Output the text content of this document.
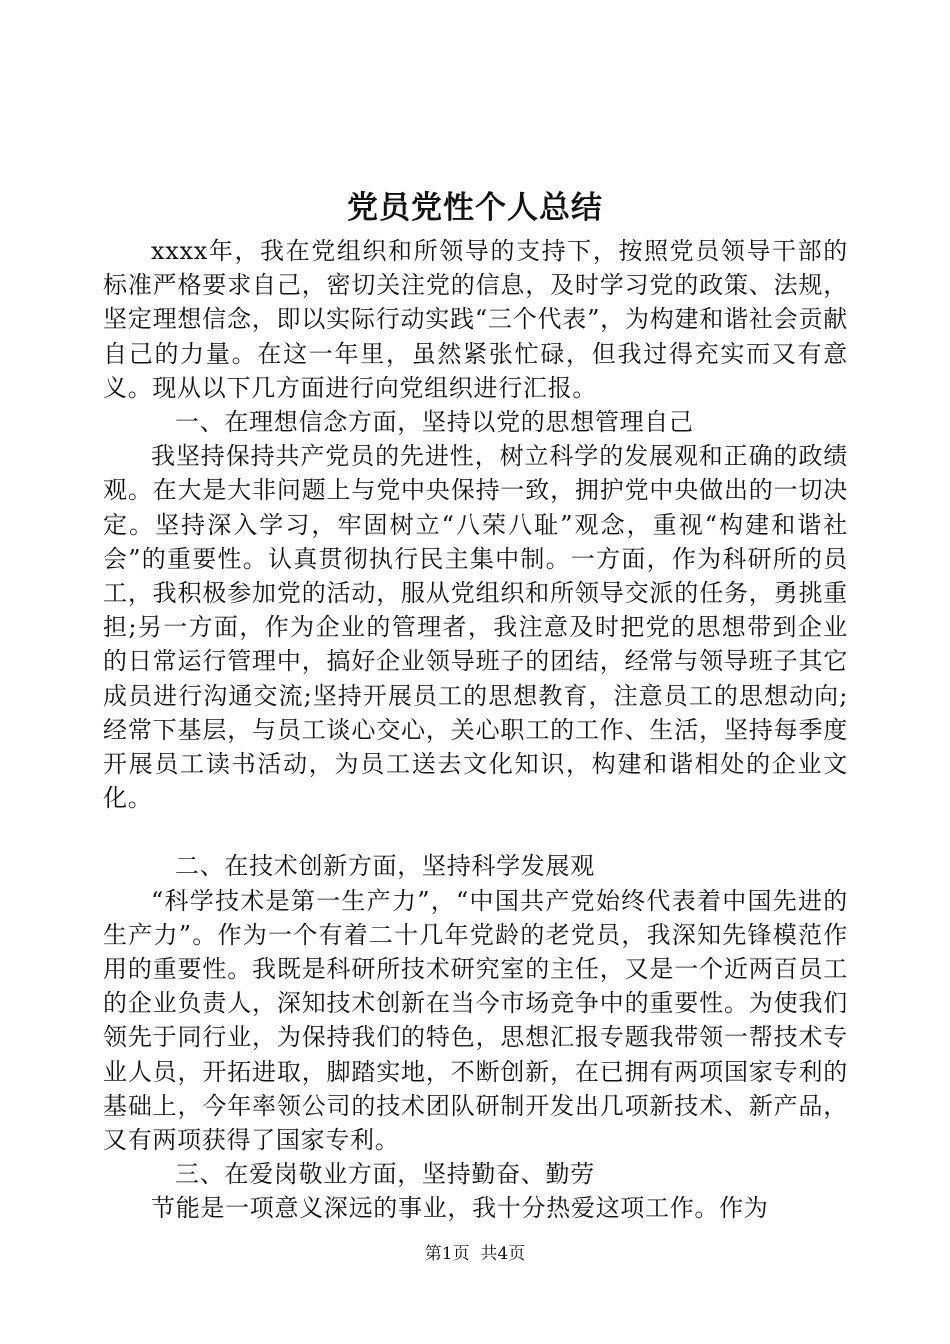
党员党性个人总结

xxxx年，我在党组织和所领导的支持下，按照党员领导干部的标准严格要求自己，密切关注党的信息，及时学习党的政策、法规，坚定理想信念，即以实际行动实践“三个代表”，为构建和谐社会贡献自己的力量。在这一年里，虽然紧张忙碌，但我过得充实而又有意义。现从以下几方面进行向党组织进行汇报。

一、在理想信念方面，坚持以党的思想管理自己

我坚持保持共产党员的先进性，树立科学的发展观和正确的政绩观。在大是大非问题上与党中央保持一致，拥护党中央做出的一切决定。坚持深入学习，牢固树立“八荣八耻”观念，重视“构建和谐社会”的重要性。认真贯彻执行民主集中制。一方面，作为科研所的员工，我积极参加党的活动，服从党组织和所领导交派的任务，勇挑重担;另一方面，作为企业的管理者，我注意及时把党的思想带到企业的日常运行管理中，搞好企业领导班子的团结，经常与领导班子其它成员进行沟通交流;坚持开展员工的思想教育，注意员工的思想动向;经常下基层，与员工谈心交心，关心职工的工作、生活，坚持每季度开展员工读书活动，为员工送去文化知识，构建和谐相处的企业文化。

二、在技术创新方面，坚持科学发展观

“科学技术是第一生产力”，“中国共产党始终代表着中国先进的生产力”。作为一个有着二十几年党龄的老党员，我深知先锋模范作用的重要性。我既是科研所技术研究室的主任，又是一个近两百员工的企业负责人，深知技术创新在当今市场竞争中的重要性。为使我们领先于同行业，为保持我们的特色，思想汇报专题我带领一帮技术专业人员，开拓进取，脚踏实地，不断创新，在已拥有两项国家专利的基础上，今年率领公司的技术团队研制开发出几项新技术、新产品，又有两项获得了国家专利。

三、在爱岗敬业方面，坚持勤奋、勤劳

节能是一项意义深远的事业，我十分热爱这项工作。作为

第1页 共4页
